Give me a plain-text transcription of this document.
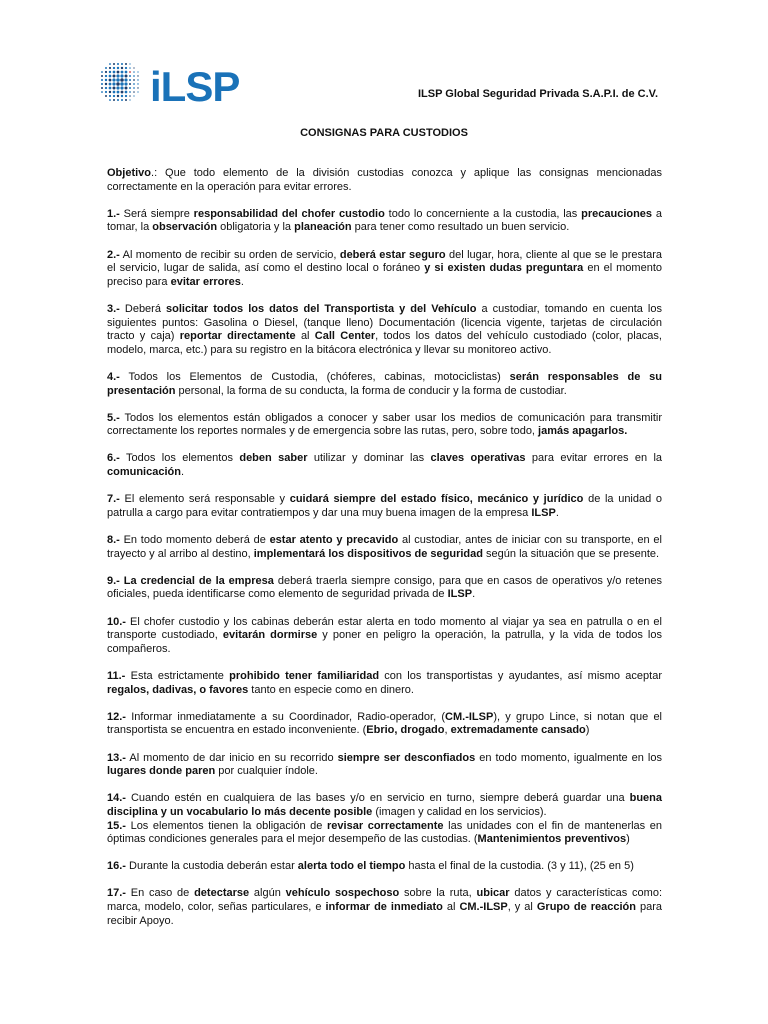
iLSP	ILSP Global Seguridad Privada S.A.P.I. de C.V.
CONSIGNAS PARA CUSTODIOS

Objetivo.: Que todo elemento de la división custodias conozca y aplique las consignas mencionadas correctamente en la operación para evitar errores.

1.- Será siempre responsabilidad del chofer custodio todo lo concerniente a la custodia, las precauciones a tomar, la observación obligatoria y la planeación para tener como resultado un buen servicio.

2.- Al momento de recibir su orden de servicio, deberá estar seguro del lugar, hora, cliente al que se le prestara el servicio, lugar de salida, así como el destino local o foráneo y si existen dudas preguntara en el momento preciso para evitar errores.

3.- Deberá solicitar todos los datos del Transportista y del Vehículo a custodiar, tomando en cuenta los siguientes puntos: Gasolina o Diesel, (tanque lleno) Documentación (licencia vigente, tarjetas de circulación tracto y caja) reportar directamente al Call Center, todos los datos del vehículo custodiado (color, placas, modelo, marca, etc.) para su registro en la bitácora electrónica y llevar su monitoreo activo.

4.- Todos los Elementos de Custodia, (chóferes, cabinas, motociclistas) serán responsables de su presentación personal, la forma de su conducta, la forma de conducir y la forma de custodiar.

5.- Todos los elementos están obligados a conocer y saber usar los medios de comunicación para transmitir correctamente los reportes normales y de emergencia sobre las rutas, pero, sobre todo, jamás apagarlos.

6.- Todos los elementos deben saber utilizar y dominar las claves operativas para evitar errores en la comunicación.

7.- El elemento será responsable y cuidará siempre del estado físico, mecánico y jurídico de la unidad o patrulla a cargo para evitar contratiempos y dar una muy buena imagen de la empresa ILSP.

8.- En todo momento deberá de estar atento y precavido al custodiar, antes de iniciar con su transporte, en el trayecto y al arribo al destino, implementará los dispositivos de seguridad según la situación que se presente.

9.- La credencial de la empresa deberá traerla siempre consigo, para que en casos de operativos y/o retenes oficiales, pueda identificarse como elemento de seguridad privada de ILSP.

10.- El chofer custodio y los cabinas deberán estar alerta en todo momento al viajar ya sea en patrulla o en el transporte custodiado, evitarán dormirse y poner en peligro la operación, la patrulla, y la vida de todos los compañeros.

11.- Esta estrictamente prohibido tener familiaridad con los transportistas y ayudantes, así mismo aceptar regalos, dadivas, o favores tanto en especie como en dinero.

12.- Informar inmediatamente a su Coordinador, Radio-operador, (CM.-ILSP), y grupo Lince, si notan que el transportista se encuentra en estado inconveniente. (Ebrio, drogado, extremadamente cansado)

13.- Al momento de dar inicio en su recorrido siempre ser desconfiados en todo momento, igualmente en los lugares donde paren por cualquier índole.

14.- Cuando estén en cualquiera de las bases y/o en servicio en turno, siempre deberá guardar una buena disciplina y un vocabulario lo más decente posible (imagen y calidad en los servicios).

15.- Los elementos tienen la obligación de revisar correctamente las unidades con el fin de mantenerlas en óptimas condiciones generales para el mejor desempeño de las custodias. (Mantenimientos preventivos)

16.- Durante la custodia deberán estar alerta todo el tiempo hasta el final de la custodia. (3 y 11), (25 en 5)

17.- En caso de detectarse algún vehículo sospechoso sobre la ruta, ubicar datos y características como: marca, modelo, color, señas particulares, e informar de inmediato al CM.-ILSP, y al Grupo de reacción para recibir Apoyo.
